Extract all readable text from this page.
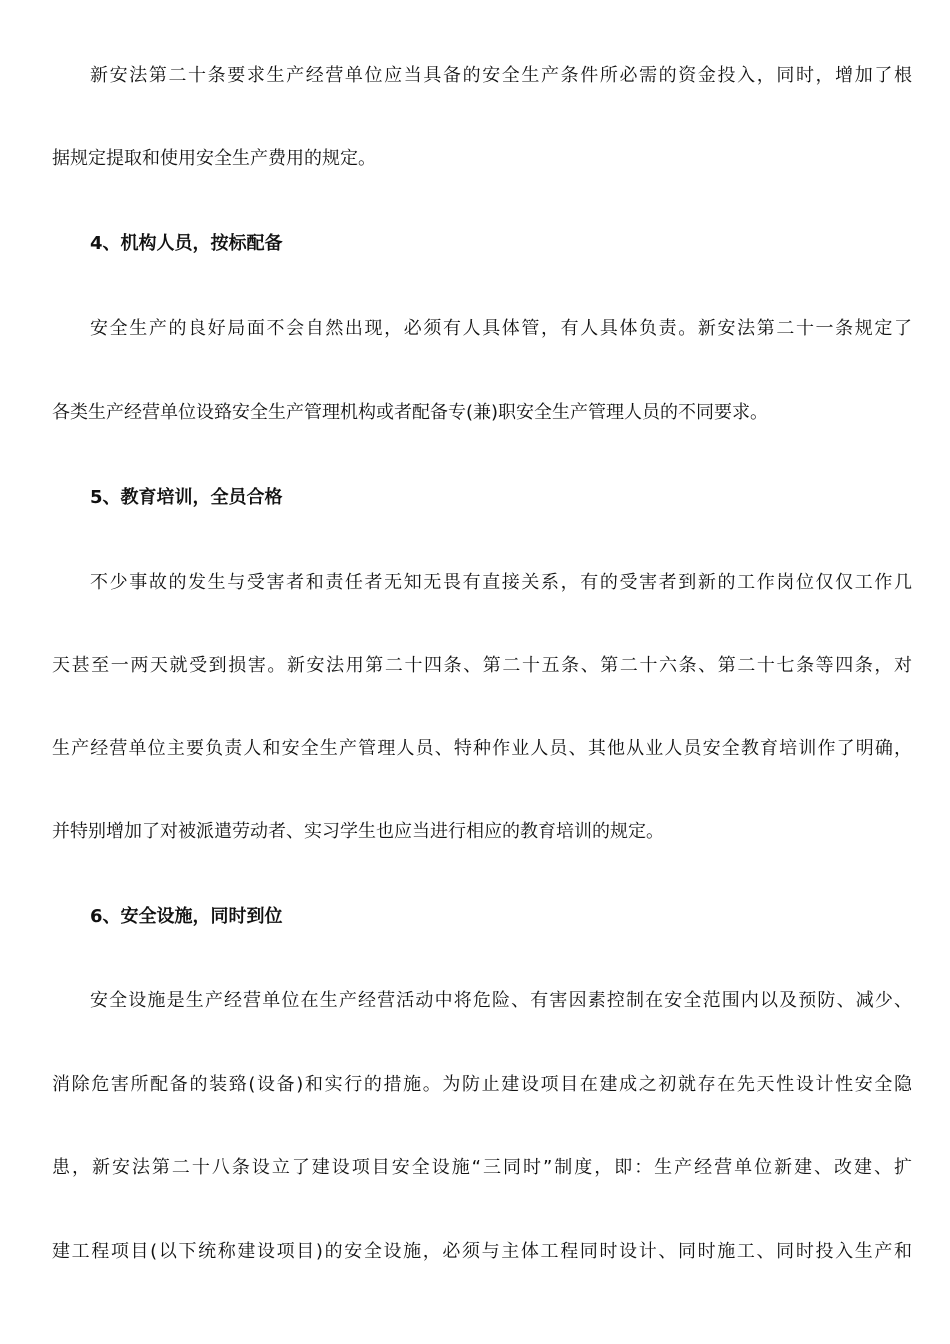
新安法第二十条要求生产经营单位应当具备的安全生产条件所必需的资金投入，同时，增加了根
据规定提取和使用安全生产费用的规定。
4、机构人员，按标配备
安全生产的良好局面不会自然出现，必须有人具体管，有人具体负责。新安法第二十一条规定了
各类生产经营单位设臵安全生产管理机构或者配备专(兼)职安全生产管理人员的不同要求。
5、教育培训，全员合格
不少事故的发生与受害者和责任者无知无畏有直接关系，有的受害者到新的工作岗位仅仅工作几
天甚至一两天就受到损害。新安法用第二十四条、第二十五条、第二十六条、第二十七条等四条，对
生产经营单位主要负责人和安全生产管理人员、特种作业人员、其他从业人员安全教育培训作了明确，
并特别增加了对被派遣劳动者、实习学生也应当进行相应的教育培训的规定。
6、安全设施，同时到位
安全设施是生产经营单位在生产经营活动中将危险、有害因素控制在安全范围内以及预防、减少、
消除危害所配备的装臵(设备)和实行的措施。为防止建设项目在建成之初就存在先天性设计性安全隐
患，新安法第二十八条设立了建设项目安全设施“三同时”制度，即：生产经营单位新建、改建、扩
建工程项目(以下统称建设项目)的安全设施，必须与主体工程同时设计、同时施工、同时投入生产和
